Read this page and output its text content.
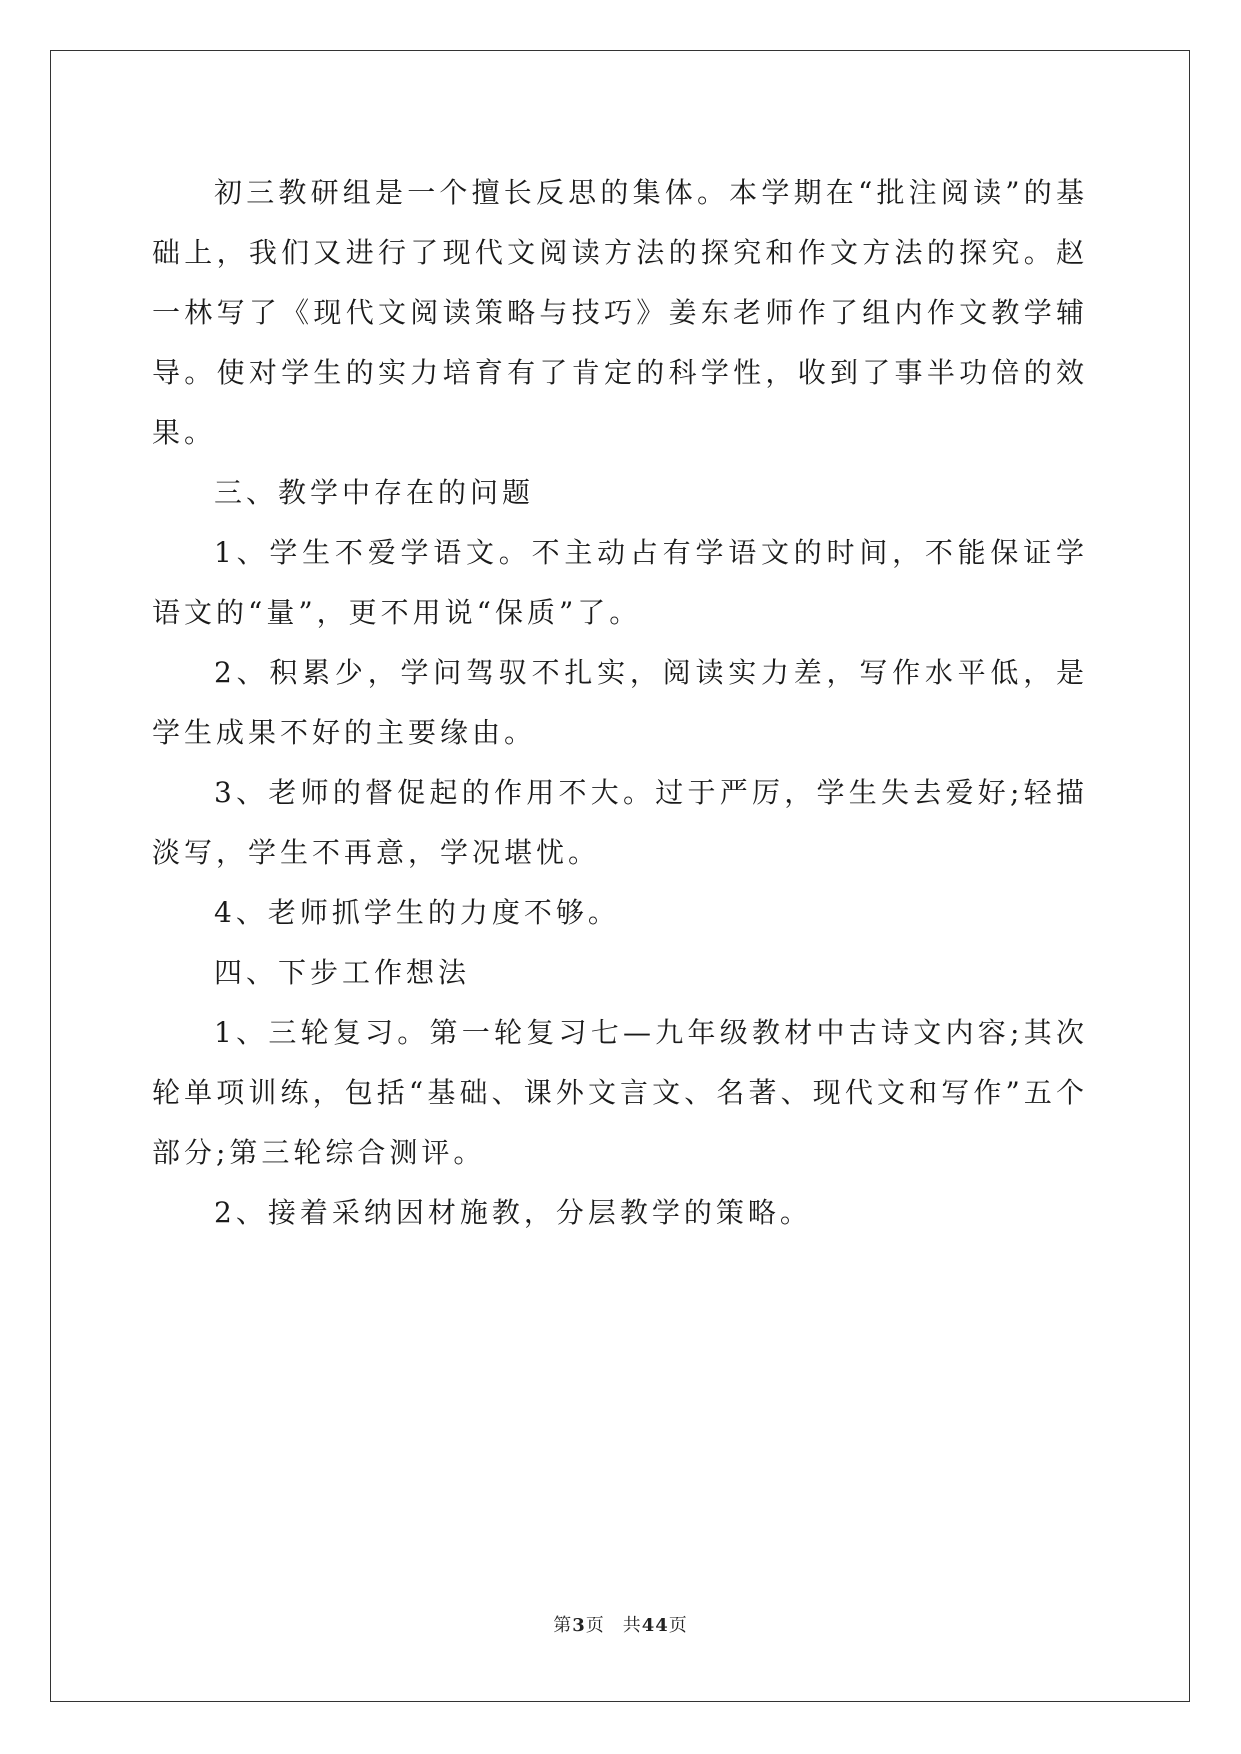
初三教研组是一个擅长反思的集体。本学期在“批注阅读”的基础上，我们又进行了现代文阅读方法的探究和作文方法的探究。赵一林写了《现代文阅读策略与技巧》姜东老师作了组内作文教学辅导。使对学生的实力培育有了肯定的科学性，收到了事半功倍的效果。

三、教学中存在的问题

1、学生不爱学语文。不主动占有学语文的时间，不能保证学语文的“量”，更不用说“保质”了。

2、积累少，学问驾驭不扎实，阅读实力差，写作水平低，是学生成果不好的主要缘由。

3、老师的督促起的作用不大。过于严厉，学生失去爱好;轻描淡写，学生不再意，学况堪忧。

4、老师抓学生的力度不够。

四、下步工作想法

1、三轮复习。第一轮复习七—九年级教材中古诗文内容;其次轮单项训练，包括“基础、课外文言文、名著、现代文和写作”五个部分;第三轮综合测评。

2、接着采纳因材施教，分层教学的策略。

第3页 共44页
